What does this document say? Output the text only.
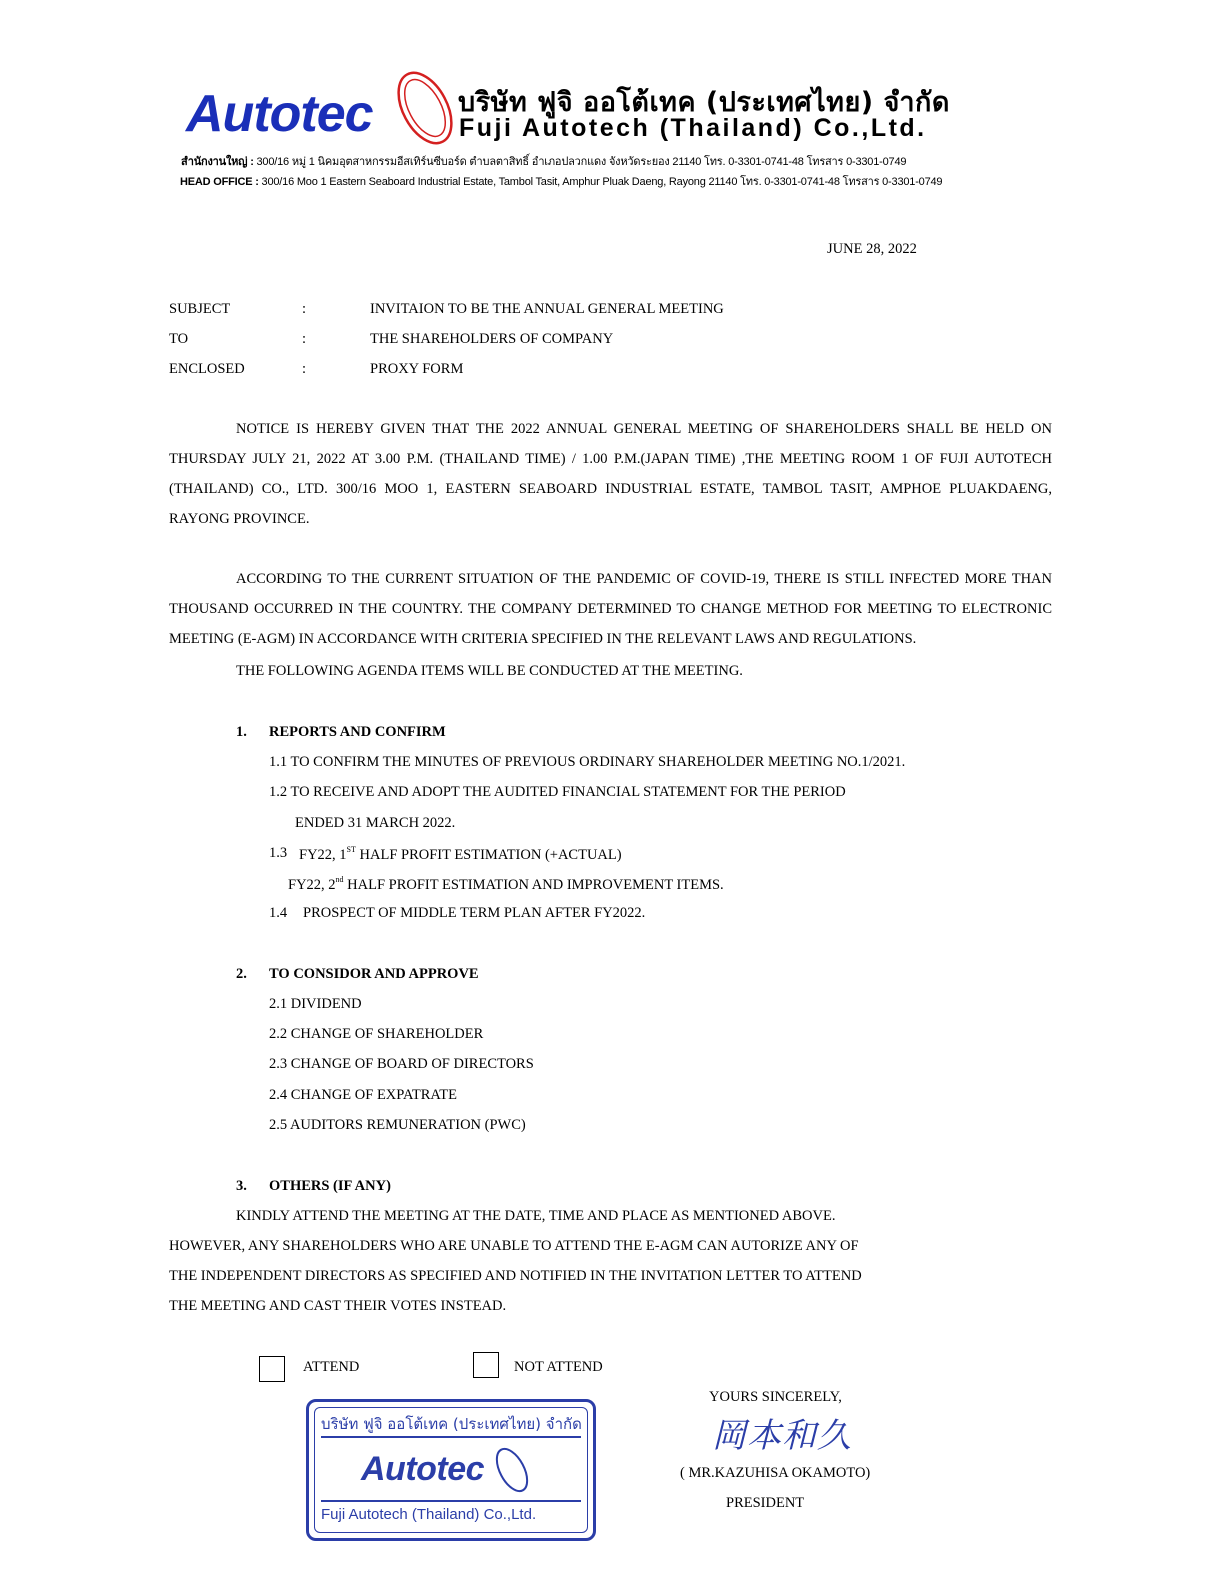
Autotec	บริษัท ฟูจิ ออโต้เทค (ประเทศไทย) จำกัด
Fuji Autotech (Thailand) Co.,Ltd.
สำนักงานใหญ่ : 300/16 หมู่ 1 นิคมอุตสาหกรรมอีสเทิร์นซีบอร์ด ตำบลตาสิทธิ์ อำเภอปลวกแดง จังหวัดระยอง 21140 โทร. 0-3301-0741-48 โทรสาร 0-3301-0749
HEAD OFFICE : 300/16 Moo 1 Eastern Seaboard Industrial Estate, Tambol Tasit, Amphur Pluak Daeng, Rayong 21140 โทร. 0-3301-0741-48 โทรสาร 0-3301-0749
JUNE 28, 2022
SUBJECT	:	INVITAION TO BE THE ANNUAL GENERAL MEETING
TO	:	THE SHAREHOLDERS OF COMPANY
ENCLOSED	:	PROXY FORM
NOTICE IS HEREBY GIVEN THAT THE 2022 ANNUAL GENERAL MEETING OF SHAREHOLDERS SHALL BE HELD ON THURSDAY JULY 21, 2022 AT 3.00 P.M. (THAILAND TIME) / 1.00 P.M.(JAPAN TIME) ,THE MEETING ROOM 1 OF FUJI AUTOTECH (THAILAND) CO., LTD. 300/16 MOO 1, EASTERN SEABOARD INDUSTRIAL ESTATE, TAMBOL TASIT, AMPHOE PLUAKDAENG, RAYONG PROVINCE.
ACCORDING TO THE CURRENT SITUATION OF THE PANDEMIC OF COVID-19, THERE IS STILL INFECTED MORE THAN THOUSAND OCCURRED IN THE COUNTRY. THE COMPANY DETERMINED TO CHANGE METHOD FOR MEETING TO ELECTRONIC MEETING (E-AGM) IN ACCORDANCE WITH CRITERIA SPECIFIED IN THE RELEVANT LAWS AND REGULATIONS.
THE FOLLOWING AGENDA ITEMS WILL BE CONDUCTED AT THE MEETING.
1. REPORTS AND CONFIRM
1.1 TO CONFIRM THE MINUTES OF PREVIOUS ORDINARY SHAREHOLDER MEETING NO.1/2021.
1.2 TO RECEIVE AND ADOPT THE AUDITED FINANCIAL STATEMENT FOR THE PERIOD
ENDED 31 MARCH 2022.
1.3 FY22, 1ST HALF PROFIT ESTIMATION (+ACTUAL)
FY22, 2nd HALF PROFIT ESTIMATION AND IMPROVEMENT ITEMS.
1.4 PROSPECT OF MIDDLE TERM PLAN AFTER FY2022.
2. TO CONSIDOR AND APPROVE
2.1 DIVIDEND
2.2 CHANGE OF SHAREHOLDER
2.3 CHANGE OF BOARD OF DIRECTORS
2.4 CHANGE OF EXPATRATE
2.5 AUDITORS REMUNERATION (PWC)
3. OTHERS (IF ANY)
KINDLY ATTEND THE MEETING AT THE DATE, TIME AND PLACE AS MENTIONED ABOVE.
HOWEVER, ANY SHAREHOLDERS WHO ARE UNABLE TO ATTEND THE E-AGM CAN AUTORIZE ANY OF
THE INDEPENDENT DIRECTORS AS SPECIFIED AND NOTIFIED IN THE INVITATION LETTER TO ATTEND
THE MEETING AND CAST THEIR VOTES INSTEAD.
ATTEND	NOT ATTEND
บริษัท ฟูจิ ออโต้เทค (ประเทศไทย) จำกัด
Autotec
Fuji Autotech (Thailand) Co.,Ltd.
YOURS SINCERELY,
岡本和久
( MR.KAZUHISA OKAMOTO)
PRESIDENT
